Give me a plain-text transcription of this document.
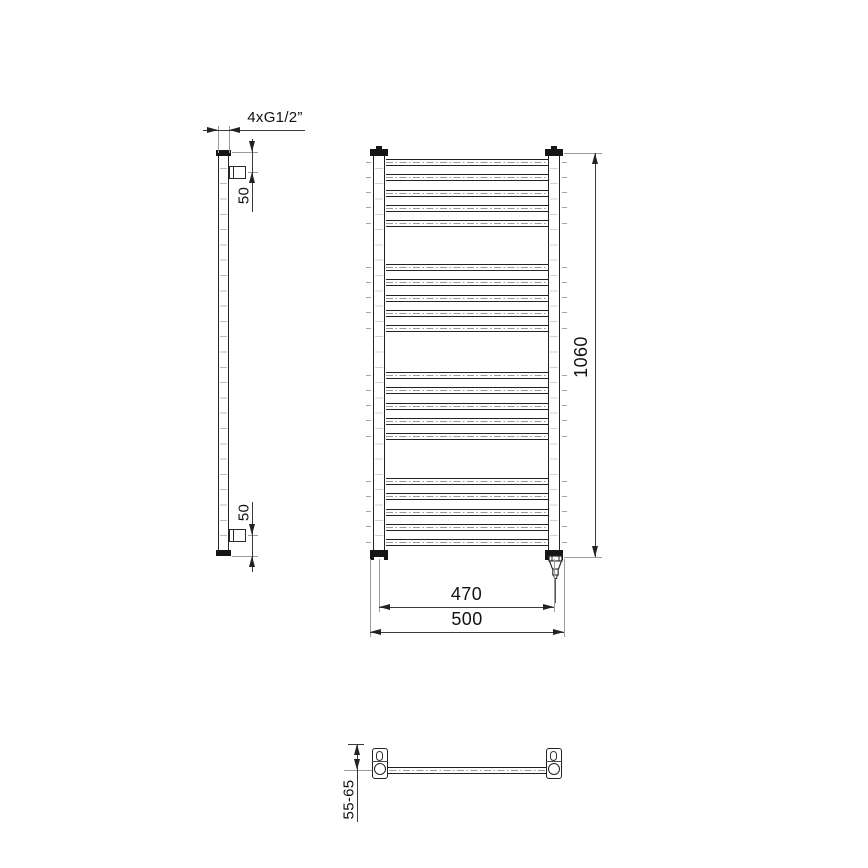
4xG1/2”
50
50
1060
470
500
55-65
